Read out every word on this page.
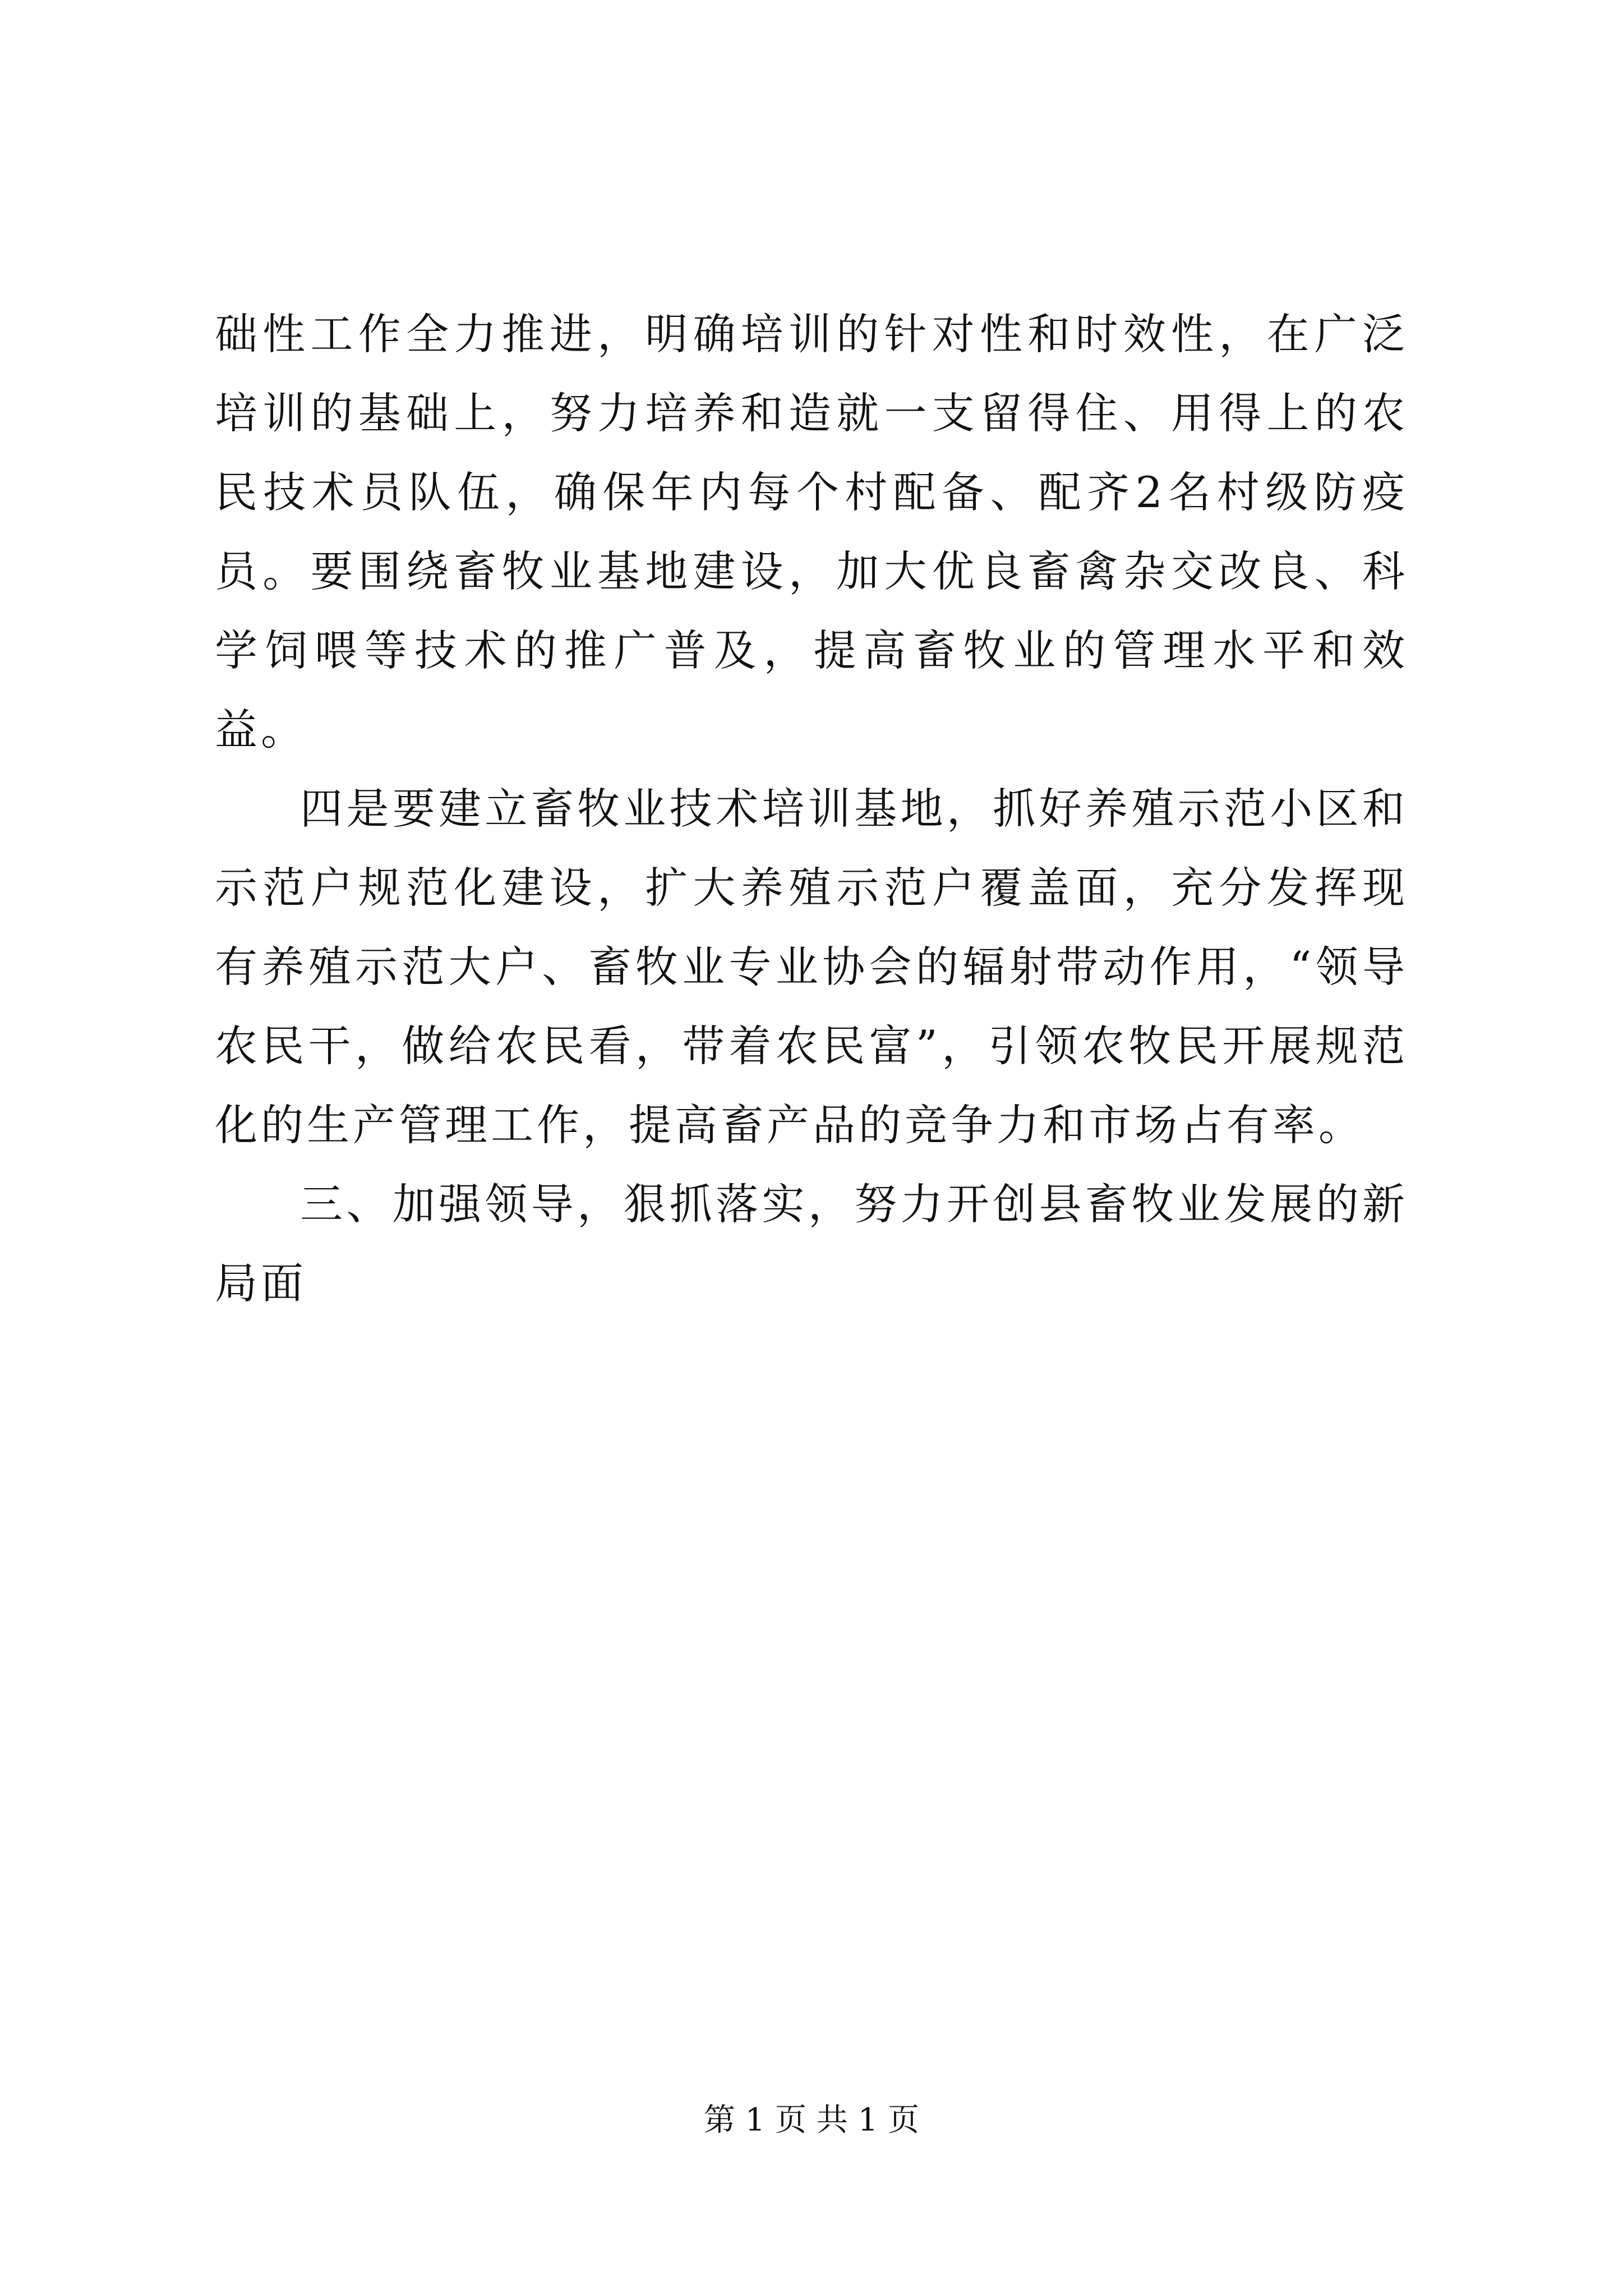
础性工作全力推进，明确培训的针对性和时效性，在广泛培训的基础上，努力培养和造就一支留得住、用得上的农民技术员队伍，确保年内每个村配备、配齐2名村级防疫员。要围绕畜牧业基地建设，加大优良畜禽杂交改良、科学饲喂等技术的推广普及，提高畜牧业的管理水平和效益。

四是要建立畜牧业技术培训基地，抓好养殖示范小区和示范户规范化建设，扩大养殖示范户覆盖面，充分发挥现有养殖示范大户、畜牧业专业协会的辐射带动作用，“领导农民干，做给农民看，带着农民富”，引领农牧民开展规范化的生产管理工作，提高畜产品的竞争力和市场占有率。

三、加强领导，狠抓落实，努力开创县畜牧业发展的新局面

第 1 页 共 1 页
